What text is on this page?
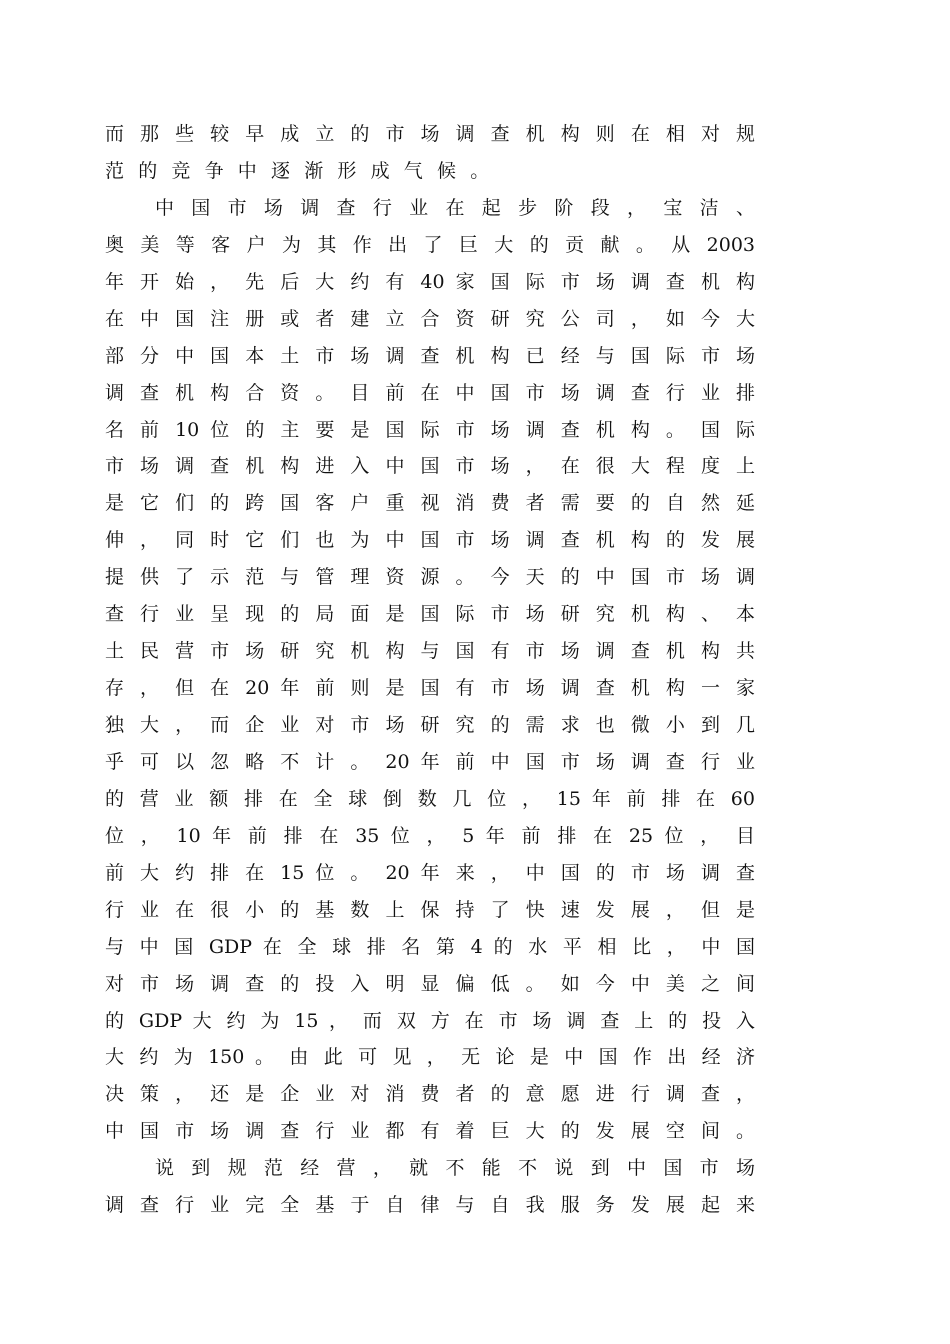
而 那 些 较 早 成 立 的 市 场 调 查 机 构 则 在 相 对 规
范的竞争中逐渐形成气候。
中 国 市 场 调 查 行 业 在 起 步 阶 段 ， 宝 洁 、
奥 美 等 客 户 为 其 作 出 了 巨 大 的 贡 献 。 从 2003
年 开 始 ， 先 后 大 约 有 40 家 国 际 市 场 调 查 机 构
在 中 国 注 册 或 者 建 立 合 资 研 究 公 司 ， 如 今 大
部 分 中 国 本 土 市 场 调 查 机 构 已 经 与 国 际 市 场
调 查 机 构 合 资 。 目 前 在 中 国 市 场 调 查 行 业 排
名 前 10 位 的 主 要 是 国 际 市 场 调 查 机 构 。 国 际
市 场 调 查 机 构 进 入 中 国 市 场 ， 在 很 大 程 度 上
是 它 们 的 跨 国 客 户 重 视 消 费 者 需 要 的 自 然 延
伸 ， 同 时 它 们 也 为 中 国 市 场 调 查 机 构 的 发 展
提 供 了 示 范 与 管 理 资 源 。 今 天 的 中 国 市 场 调
查 行 业 呈 现 的 局 面 是 国 际 市 场 研 究 机 构 、 本
土 民 营 市 场 研 究 机 构 与 国 有 市 场 调 查 机 构 共
存 ， 但 在 20 年 前 则 是 国 有 市 场 调 查 机 构 一 家
独 大 ， 而 企 业 对 市 场 研 究 的 需 求 也 微 小 到 几
乎 可 以 忽 略 不 计 。 20 年 前 中 国 市 场 调 查 行 业
的 营 业 额 排 在 全 球 倒 数 几 位 ， 15 年 前 排 在 60
位 ， 10 年 前 排 在 35 位 ， 5 年 前 排 在 25 位 ， 目
前 大 约 排 在 15 位 。 20 年 来 ， 中 国 的 市 场 调 查
行 业 在 很 小 的 基 数 上 保 持 了 快 速 发 展 ， 但 是
与 中 国 GDP 在 全 球 排 名 第 4 的 水 平 相 比 ， 中 国
对 市 场 调 查 的 投 入 明 显 偏 低 。 如 今 中 美 之 间
的 GDP 大 约 为 15 ， 而 双 方 在 市 场 调 查 上 的 投 入
大 约 为 150 。 由 此 可 见 ， 无 论 是 中 国 作 出 经 济
决 策 ， 还 是 企 业 对 消 费 者 的 意 愿 进 行 调 查 ，
中 国 市 场 调 查 行 业 都 有 着 巨 大 的 发 展 空 间 。
说 到 规 范 经 营 ， 就 不 能 不 说 到 中 国 市 场
调 查 行 业 完 全 基 于 自 律 与 自 我 服 务 发 展 起 来
